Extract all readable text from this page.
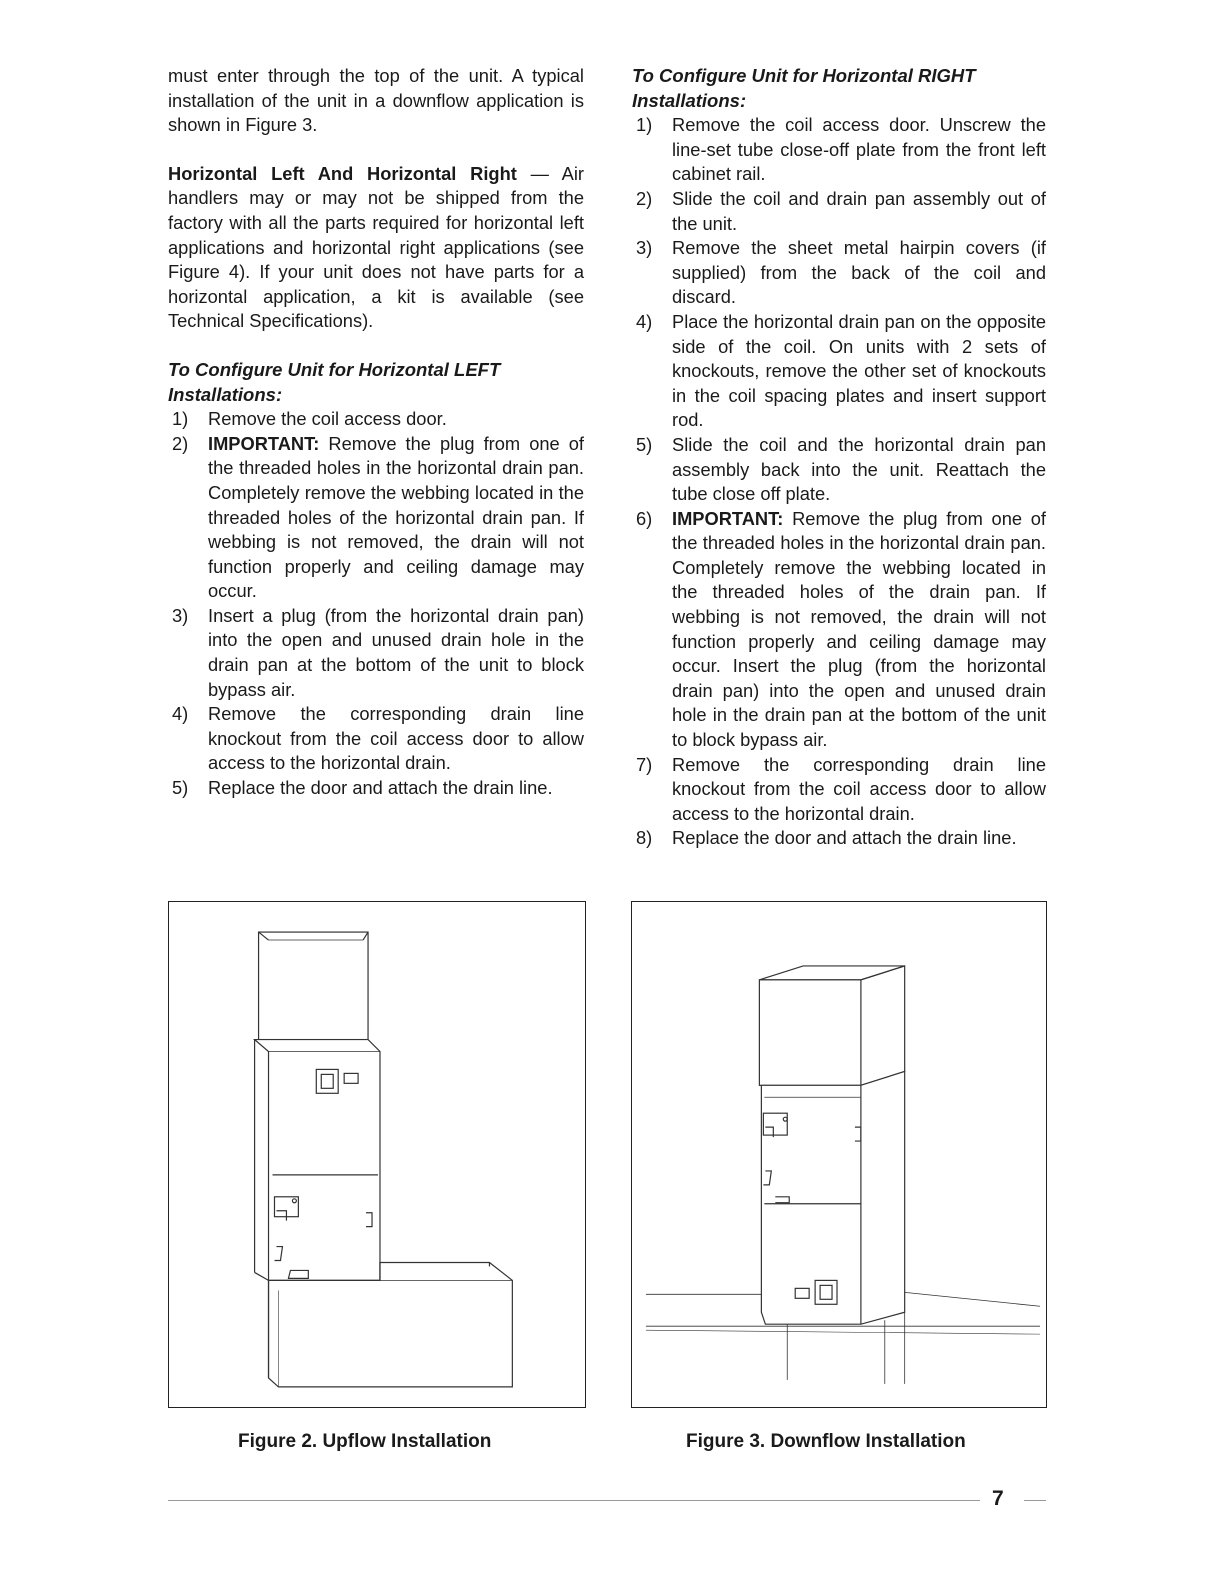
must enter through the top of the unit. A typical installation of the unit in a downflow application is shown in Figure 3.

Horizontal Left And Horizontal Right — Air handlers may or may not be shipped from the factory with all the parts required for horizontal left applications and horizontal right applications (see Figure 4). If your unit does not have parts for a horizontal application, a kit is available (see Technical Specifications).

To Configure Unit for Horizontal LEFT
Installations:

1) Remove the coil access door.
2) IMPORTANT: Remove the plug from one of the threaded holes in the horizontal drain pan. Completely remove the webbing located in the threaded holes of the horizontal drain pan. If webbing is not removed, the drain will not function properly and ceiling damage may occur.
3) Insert a plug (from the horizontal drain pan) into the open and unused drain hole in the drain pan at the bottom of the unit to block bypass air.
4) Remove the corresponding drain line knockout from the coil access door to allow access to the horizontal drain.
5) Replace the door and attach the drain line.

To Configure Unit for Horizontal RIGHT
Installations:

1) Remove the coil access door. Unscrew the line-set tube close-off plate from the front left cabinet rail.
2) Slide the coil and drain pan assembly out of the unit.
3) Remove the sheet metal hairpin covers (if supplied) from the back of the coil and discard.
4) Place the horizontal drain pan on the opposite side of the coil. On units with 2 sets of knockouts, remove the other set of knockouts in the coil spacing plates and insert support rod.
5) Slide the coil and the horizontal drain pan assembly back into the unit. Reattach the tube close off plate.
6) IMPORTANT: Remove the plug from one of the threaded holes in the horizontal drain pan. Completely remove the webbing located in the threaded holes of the drain pan. If webbing is not removed, the drain will not function properly and ceiling damage may occur. Insert the plug (from the horizontal drain pan) into the open and unused drain hole in the drain pan at the bottom of the unit to block bypass air.
7) Remove the corresponding drain line knockout from the coil access door to allow access to the horizontal drain.
8) Replace the door and attach the drain line.
Figure 2. Upflow Installation	Figure 3. Downflow Installation
7
